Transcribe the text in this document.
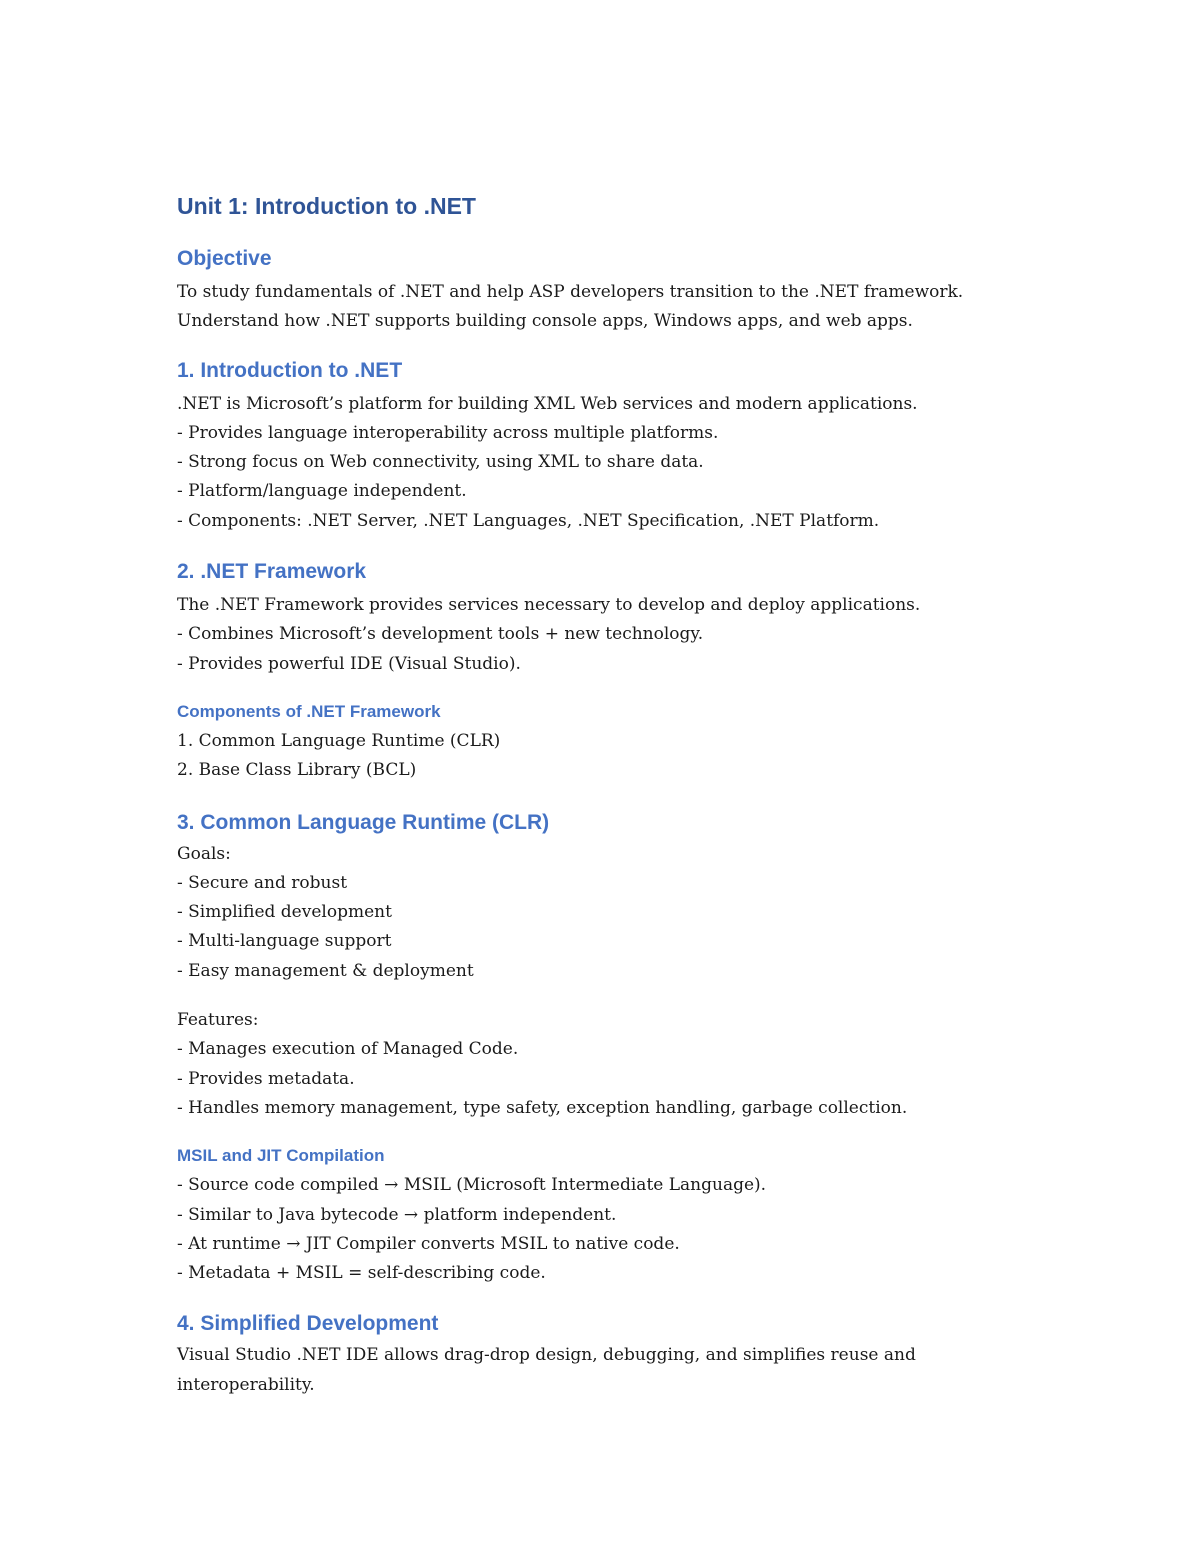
Unit 1: Introduction to .NET
Objective

To study fundamentals of .NET and help ASP developers transition to the .NET framework.

Understand how .NET supports building console apps, Windows apps, and web apps.

1. Introduction to .NET

.NET is Microsoft’s platform for building XML Web services and modern applications.

- Provides language interoperability across multiple platforms.

- Strong focus on Web connectivity, using XML to share data.

- Platform/language independent.

- Components: .NET Server, .NET Languages, .NET Specification, .NET Platform.

2. .NET Framework

The .NET Framework provides services necessary to develop and deploy applications.

- Combines Microsoft’s development tools + new technology.

- Provides powerful IDE (Visual Studio).

Components of .NET Framework

1. Common Language Runtime (CLR)

2. Base Class Library (BCL)

3. Common Language Runtime (CLR)

Goals:

- Secure and robust

- Simplified development

- Multi-language support

- Easy management & deployment

Features:

- Manages execution of Managed Code.

- Provides metadata.

- Handles memory management, type safety, exception handling, garbage collection.

MSIL and JIT Compilation

- Source code compiled → MSIL (Microsoft Intermediate Language).

- Similar to Java bytecode → platform independent.

- At runtime → JIT Compiler converts MSIL to native code.

- Metadata + MSIL = self-describing code.

4. Simplified Development

Visual Studio .NET IDE allows drag-drop design, debugging, and simplifies reuse and interoperability.
